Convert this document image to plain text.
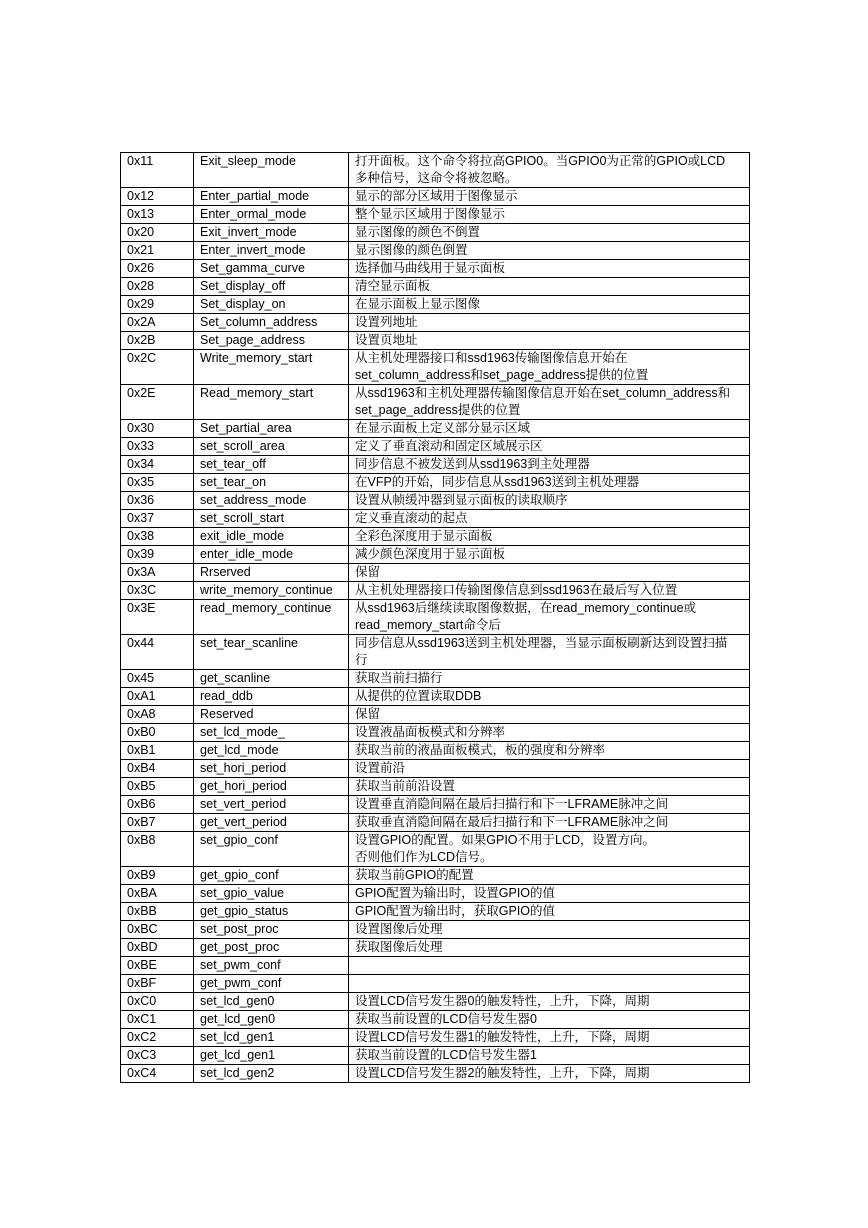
0x11	Exit_sleep_mode	打开面板。这个命令将拉高GPIO0。当GPIO0为正常的GPIO或LCD
多种信号，这命令将被忽略。

0x12	Enter_partial_mode	显示的部分区域用于图像显示
0x13	Enter_ormal_mode	整个显示区域用于图像显示
0x20	Exit_invert_mode	显示图像的颜色不倒置
0x21	Enter_invert_mode	显示图像的颜色倒置
0x26	Set_gamma_curve	选择伽马曲线用于显示面板
0x28	Set_display_off	清空显示面板
0x29	Set_display_on	在显示面板上显示图像
0x2A	Set_column_address	设置列地址
0x2B	Set_page_address	设置页地址
0x2C	Write_memory_start	从主机处理器接口和ssd1963传输图像信息开始在
set_column_address和set_page_address提供的位置
0x2E	Read_memory_start	从ssd1963和主机处理器传输图像信息开始在set_column_address和
set_page_address提供的位置
0x30	Set_partial_area	在显示面板上定义部分显示区域
0x33	set_scroll_area	定义了垂直滚动和固定区域展示区
0x34	set_tear_off	同步信息不被发送到从ssd1963到主处理器
0x35	set_tear_on	在VFP的开始，同步信息从ssd1963送到主机处理器
0x36	set_address_mode	设置从帧缓冲器到显示面板的读取顺序
0x37	set_scroll_start	定义垂直滚动的起点
0x38	exit_idle_mode	全彩色深度用于显示面板
0x39	enter_idle_mode	减少颜色深度用于显示面板
0x3A	Rrserved	保留
0x3C	write_memory_continue	从主机处理器接口传输图像信息到ssd1963在最后写入位置
0x3E	read_memory_continue	从ssd1963后继续读取图像数据，在read_memory_continue或
read_memory_start命令后
0x44	set_tear_scanline	同步信息从ssd1963送到主机处理器，当显示面板刷新达到设置扫描
行
0x45	get_scanline	获取当前扫描行
0xA1	read_ddb	从提供的位置读取DDB
0xA8	Reserved	保留
0xB0	set_lcd_mode_	设置液晶面板模式和分辨率
0xB1	get_lcd_mode	获取当前的液晶面板模式，板的强度和分辨率
0xB4	set_hori_period	设置前沿
0xB5	get_hori_period	获取当前前沿设置
0xB6	set_vert_period	设置垂直消隐间隔在最后扫描行和下一LFRAME脉冲之间
0xB7	get_vert_period	获取垂直消隐间隔在最后扫描行和下一LFRAME脉冲之间
0xB8	set_gpio_conf	设置GPIO的配置。如果GPIO不用于LCD，设置方向。
否则他们作为LCD信号。
0xB9	get_gpio_conf	获取当前GPIO的配置
0xBA	set_gpio_value	GPIO配置为输出时，设置GPIO的值
0xBB	get_gpio_status	GPIO配置为输出时，获取GPIO的值
0xBC	set_post_proc	设置图像后处理
0xBD	get_post_proc	获取图像后处理
0xBE	set_pwm_conf	
0xBF	get_pwm_conf	
0xC0	set_lcd_gen0	设置LCD信号发生器0的触发特性，上升，下降，周期
0xC1	get_lcd_gen0	获取当前设置的LCD信号发生器0
0xC2	set_lcd_gen1	设置LCD信号发生器1的触发特性，上升，下降，周期
0xC3	get_lcd_gen1	获取当前设置的LCD信号发生器1
0xC4	set_lcd_gen2	设置LCD信号发生器2的触发特性，上升，下降，周期
